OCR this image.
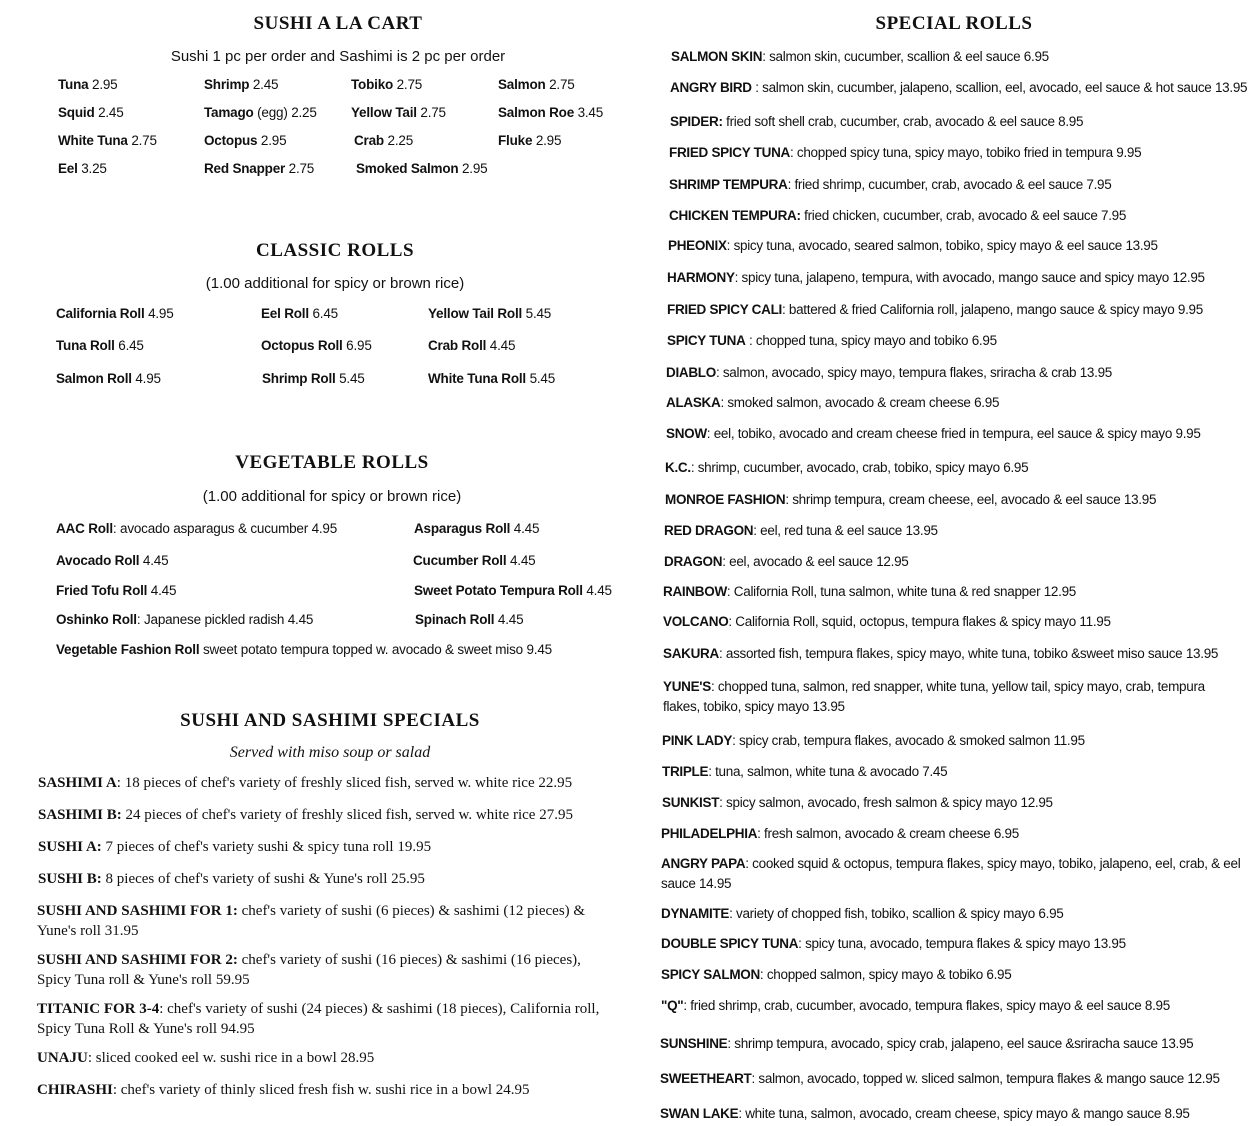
SUSHI A LA CART
Sushi 1 pc per order and Sashimi is 2 pc per order
Tuna 2.95	Shrimp 2.45	Tobiko 2.75	Salmon 2.75
Squid 2.45	Tamago (egg) 2.25	Yellow Tail 2.75	Salmon Roe 3.45
White Tuna 2.75	Octopus 2.95	Crab 2.25	Fluke 2.95
Eel 3.25	Red Snapper 2.75	Smoked Salmon 2.95
CLASSIC ROLLS
(1.00 additional for spicy or brown rice)
California Roll 4.95	Eel Roll 6.45	Yellow Tail Roll 5.45
Tuna Roll 6.45	Octopus Roll 6.95	Crab Roll 4.45
Salmon Roll 4.95	Shrimp Roll 5.45	White Tuna Roll 5.45
VEGETABLE ROLLS
(1.00 additional for spicy or brown rice)
AAC Roll: avocado asparagus & cucumber 4.95	Asparagus Roll 4.45
Avocado Roll 4.45	Cucumber Roll 4.45
Fried Tofu Roll 4.45	Sweet Potato Tempura Roll 4.45
Oshinko Roll: Japanese pickled radish 4.45	Spinach Roll 4.45
Vegetable Fashion Roll sweet potato tempura topped w. avocado & sweet miso 9.45
SUSHI AND SASHIMI SPECIALS
Served with miso soup or salad
SASHIMI A: 18 pieces of chef's variety of freshly sliced fish, served w. white rice 22.95
SASHIMI B: 24 pieces of chef's variety of freshly sliced fish, served w. white rice 27.95
SUSHI A: 7 pieces of chef's variety sushi & spicy tuna roll 19.95
SUSHI B: 8 pieces of chef's variety of sushi & Yune's roll 25.95
SUSHI AND SASHIMI FOR 1: chef's variety of sushi (6 pieces) & sashimi (12 pieces) & Yune's roll 31.95
SUSHI AND SASHIMI FOR 2: chef's variety of sushi (16 pieces) & sashimi (16 pieces), Spicy Tuna roll & Yune's roll 59.95
TITANIC FOR 3-4: chef's variety of sushi (24 pieces) & sashimi (18 pieces), California roll, Spicy Tuna Roll & Yune's roll 94.95
UNAJU: sliced cooked eel w. sushi rice in a bowl 28.95
CHIRASHI: chef's variety of thinly sliced fresh fish w. sushi rice in a bowl 24.95
SPECIAL ROLLS
SALMON SKIN: salmon skin, cucumber, scallion & eel sauce 6.95
ANGRY BIRD : salmon skin, cucumber, jalapeno, scallion, eel, avocado, eel sauce & hot sauce 13.95
SPIDER: fried soft shell crab, cucumber, crab, avocado & eel sauce 8.95
FRIED SPICY TUNA: chopped spicy tuna, spicy mayo, tobiko fried in tempura 9.95
SHRIMP TEMPURA: fried shrimp, cucumber, crab, avocado & eel sauce 7.95
CHICKEN TEMPURA: fried chicken, cucumber, crab, avocado & eel sauce 7.95
PHEONIX: spicy tuna, avocado, seared salmon, tobiko, spicy mayo & eel sauce 13.95
HARMONY: spicy tuna, jalapeno, tempura, with avocado, mango sauce and spicy mayo 12.95
FRIED SPICY CALI: battered & fried California roll, jalapeno, mango sauce & spicy mayo 9.95
SPICY TUNA : chopped tuna, spicy mayo and tobiko 6.95
DIABLO: salmon, avocado, spicy mayo, tempura flakes, sriracha & crab 13.95
ALASKA: smoked salmon, avocado & cream cheese 6.95
SNOW: eel, tobiko, avocado and cream cheese fried in tempura, eel sauce & spicy mayo 9.95
K.C.: shrimp, cucumber, avocado, crab, tobiko, spicy mayo 6.95
MONROE FASHION: shrimp tempura, cream cheese, eel, avocado & eel sauce 13.95
RED DRAGON: eel, red tuna & eel sauce 13.95
DRAGON: eel, avocado & eel sauce 12.95
RAINBOW: California Roll, tuna salmon, white tuna & red snapper 12.95
VOLCANO: California Roll, squid, octopus, tempura flakes & spicy mayo 11.95
SAKURA: assorted fish, tempura flakes, spicy mayo, white tuna, tobiko &sweet miso sauce 13.95
YUNE'S: chopped tuna, salmon, red snapper, white tuna, yellow tail, spicy mayo, crab, tempura flakes, tobiko, spicy mayo 13.95
PINK LADY: spicy crab, tempura flakes, avocado & smoked salmon 11.95
TRIPLE: tuna, salmon, white tuna & avocado 7.45
SUNKIST: spicy salmon, avocado, fresh salmon & spicy mayo 12.95
PHILADELPHIA: fresh salmon, avocado & cream cheese 6.95
ANGRY PAPA: cooked squid & octopus, tempura flakes, spicy mayo, tobiko, jalapeno, eel, crab, & eel sauce 14.95
DYNAMITE: variety of chopped fish, tobiko, scallion & spicy mayo 6.95
DOUBLE SPICY TUNA: spicy tuna, avocado, tempura flakes & spicy mayo 13.95
SPICY SALMON: chopped salmon, spicy mayo & tobiko 6.95
"Q": fried shrimp, crab, cucumber, avocado, tempura flakes, spicy mayo & eel sauce 8.95
SUNSHINE: shrimp tempura, avocado, spicy crab, jalapeno, eel sauce &sriracha sauce 13.95
SWEETHEART: salmon, avocado, topped w. sliced salmon, tempura flakes & mango sauce 12.95
SWAN LAKE: white tuna, salmon, avocado, cream cheese, spicy mayo & mango sauce 8.95
